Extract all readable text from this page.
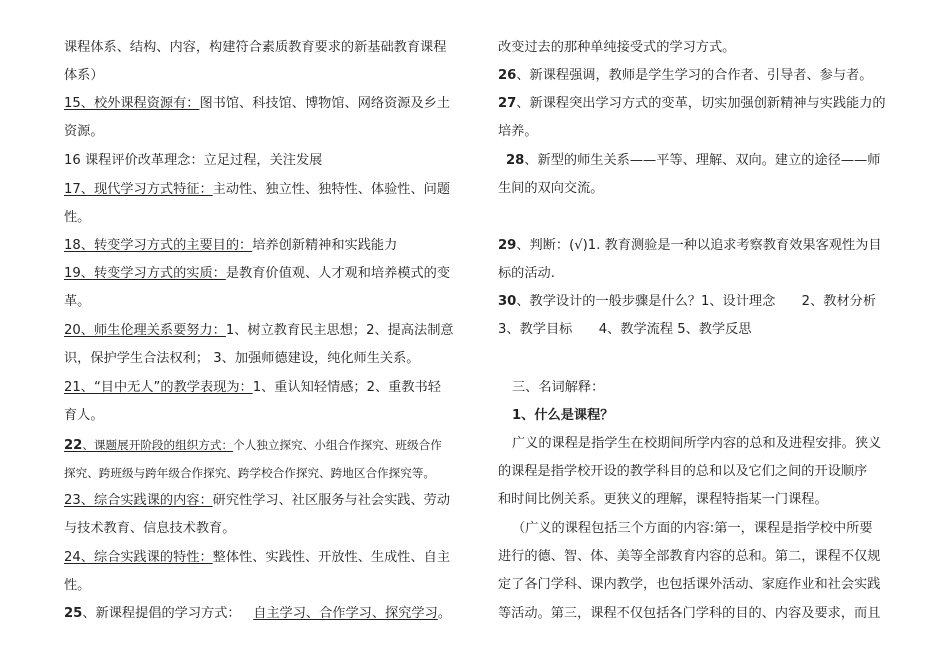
课程体系、结构、内容，构建符合素质教育要求的新基础教育课程
体系）
15、校外课程资源有：图书馆、科技馆、博物馆、网络资源及乡土
资源。
16 课程评价改革理念：立足过程，关注发展
17、现代学习方式特征：主动性、独立性、独特性、体验性、问题
性。
18、转变学习方式的主要目的：培养创新精神和实践能力
19、转变学习方式的实质：是教育价值观、人才观和培养模式的变
革。
20、师生伦理关系要努力：1、树立教育民主思想；2、提高法制意
识，保护学生合法权利； 3、加强师德建设，纯化师生关系。
21、“目中无人”的教学表现为：1、重认知轻情感；2、重教书轻
育人。
22、课题展开阶段的组织方式：个人独立探究、小组合作探究、班级合作
探究、跨班级与跨年级合作探究、跨学校合作探究、跨地区合作探究等。
23、综合实践课的内容：研究性学习、社区服务与社会实践、劳动
与技术教育、信息技术教育。
24、综合实践课的特性：整体性、实践性、开放性、生成性、自主
性。
25、新课程提倡的学习方式： 自主学习、合作学习、探究学习。
改变过去的那种单纯接受式的学习方式。
26、新课程强调，教师是学生学习的合作者、引导者、参与者。
27、新课程突出学习方式的变革，切实加强创新精神与实践能力的
培养。
28、新型的师生关系——平等、理解、双向。建立的途径——师
生间的双向交流。
29、判断：(√)1. 教育测验是一种以追求考察教育效果客观性为目
标的活动.
30、教学设计的一般步骤是什么？1、设计理念　　2、教材分析
3、教学目标　　4、教学流程 5、教学反思
三、名词解释：
1、什么是课程？
广义的课程是指学生在校期间所学内容的总和及进程安排。狭义
的课程是指学校开设的教学科目的总和以及它们之间的开设顺序
和时间比例关系。更狭义的理解，课程特指某一门课程。
（广义的课程包括三个方面的内容:第一，课程是指学校中所要
进行的德、智、体、美等全部教育内容的总和。第二，课程不仅规
定了各门学科、课内教学，也包括课外活动、家庭作业和社会实践
等活动。第三，课程不仅包括各门学科的目的、内容及要求，而且
